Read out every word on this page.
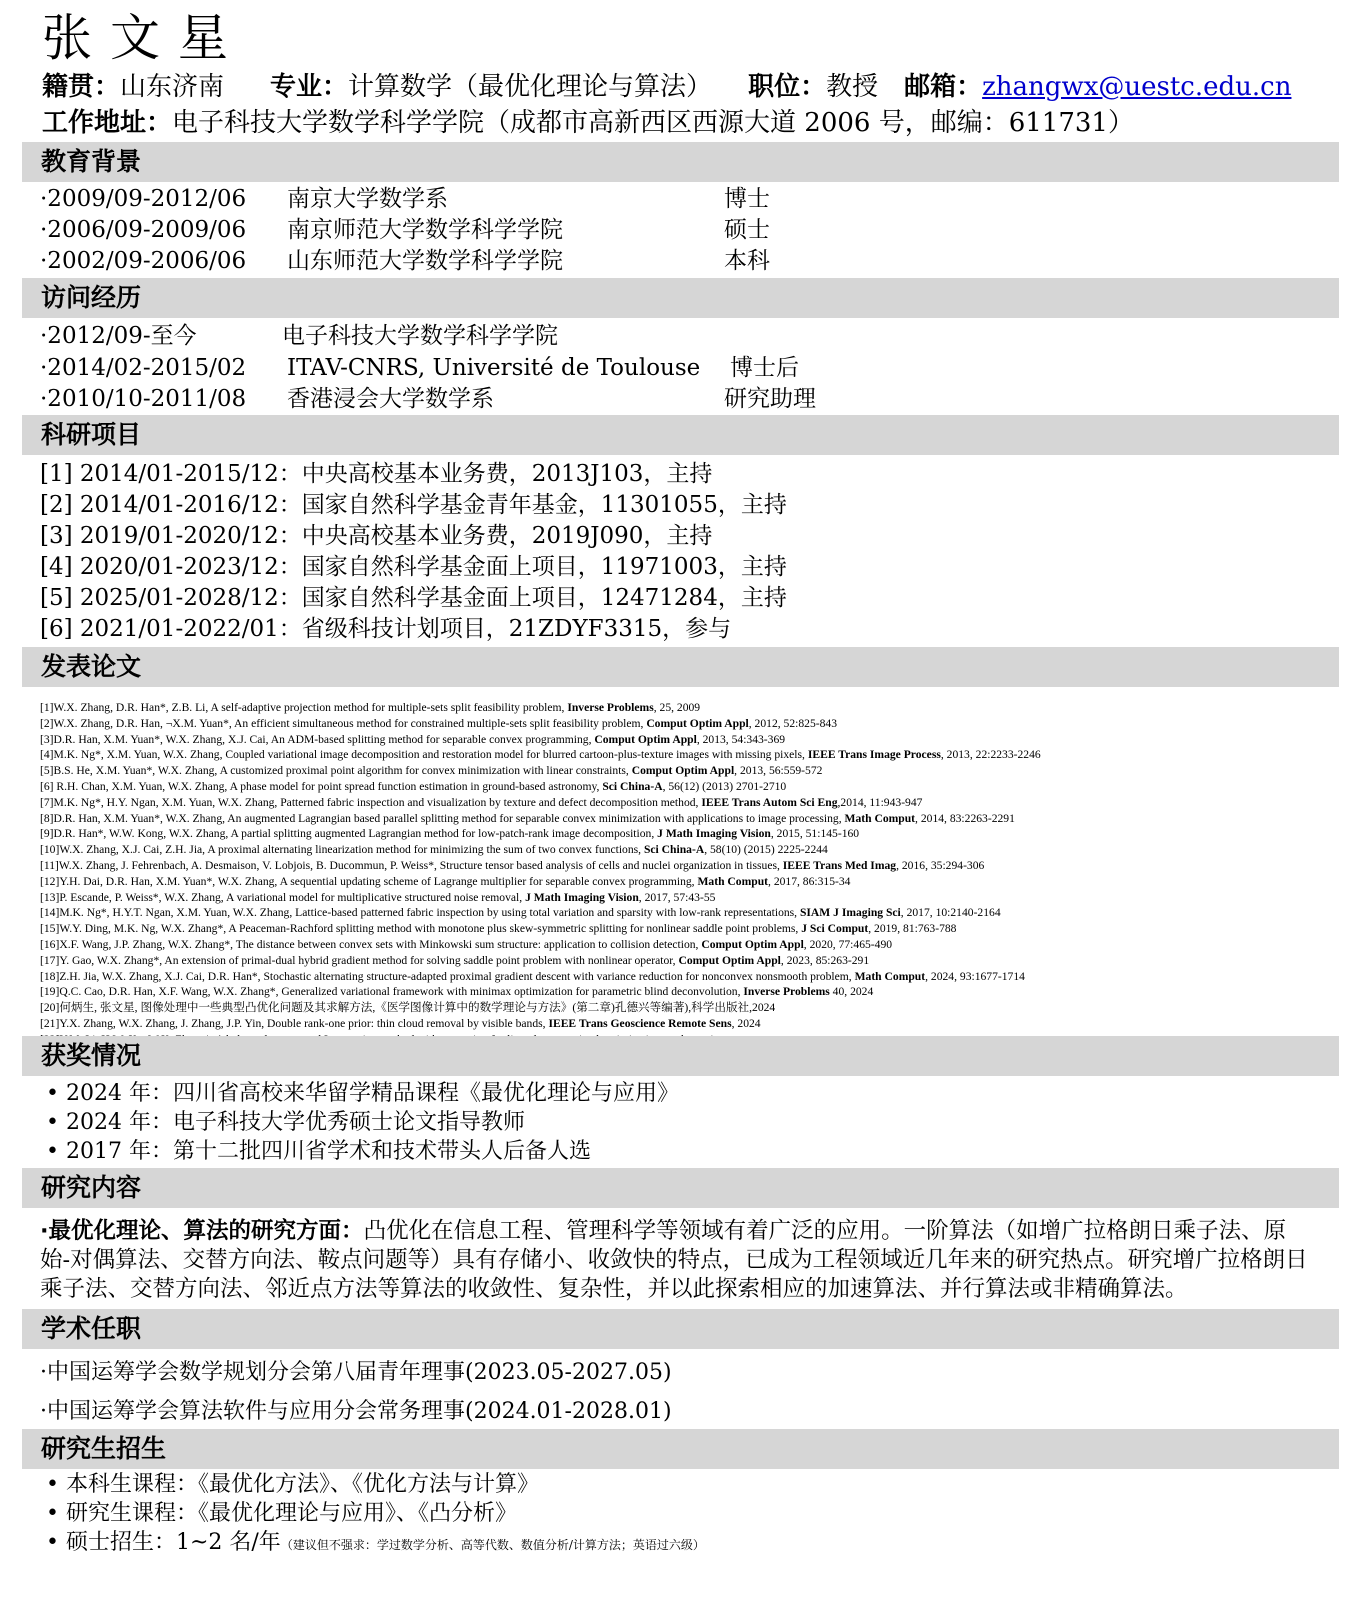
张文星
籍贯：山东济南 专业：计算数学（最优化理论与算法） 职位：教授 邮箱：zhangwx@uestc.edu.cn
工作地址：电子科技大学数学科学学院（成都市高新西区西源大道 2006 号，邮编：611731）
教育背景
·2009/09-2012/06 南京大学数学系	博士
·2006/09-2009/06 南京师范大学数学科学学院	硕士
·2002/09-2006/06 山东师范大学数学科学学院	本科
访问经历
·2012/09-至今	电子科技大学数学科学学院
·2014/02-2015/02 ITAV-CNRS, Université de Toulouse 博士后
·2010/10-2011/08 香港浸会大学数学系	研究助理
科研项目
[1] 2014/01-2015/12：中央高校基本业务费，2013J103，主持
[2] 2014/01-2016/12：国家自然科学基金青年基金，11301055，主持
[3] 2019/01-2020/12：中央高校基本业务费，2019J090，主持
[4] 2020/01-2023/12：国家自然科学基金面上项目，11971003，主持
[5] 2025/01-2028/12：国家自然科学基金面上项目，12471284，主持
[6] 2021/01-2022/01：省级科技计划项目，21ZDYF3315，参与
发表论文
[1]W.X. Zhang, D.R. Han*, Z.B. Li, A self-adaptive projection method for multiple-sets split feasibility problem, Inverse Problems, 25, 2009
[2]W.X. Zhang, D.R. Han, ¬X.M. Yuan*, An efficient simultaneous method for constrained multiple-sets split feasibility problem, Comput Optim Appl, 2012, 52:825-843
[3]D.R. Han, X.M. Yuan*, W.X. Zhang, X.J. Cai, An ADM-based splitting method for separable convex programming, Comput Optim Appl, 2013, 54:343-369
[4]M.K. Ng*, X.M. Yuan, W.X. Zhang, Coupled variational image decomposition and restoration model for blurred cartoon-plus-texture images with missing pixels, IEEE Trans Image Process, 2013, 22:2233-2246
[5]B.S. He, X.M. Yuan*, W.X. Zhang, A customized proximal point algorithm for convex minimization with linear constraints, Comput Optim Appl, 2013, 56:559-572
[6] R.H. Chan, X.M. Yuan, W.X. Zhang, A phase model for point spread function estimation in ground-based astronomy, Sci China-A, 56(12) (2013) 2701-2710
[7]M.K. Ng*, H.Y. Ngan, X.M. Yuan, W.X. Zhang, Patterned fabric inspection and visualization by texture and defect decomposition method, IEEE Trans Autom Sci Eng,2014, 11:943-947
[8]D.R. Han, X.M. Yuan*, W.X. Zhang, An augmented Lagrangian based parallel splitting method for separable convex minimization with applications to image processing, Math Comput, 2014, 83:2263-2291
[9]D.R. Han*, W.W. Kong, W.X. Zhang, A partial splitting augmented Lagrangian method for low-patch-rank image decomposition, J Math Imaging Vision, 2015, 51:145-160
[10]W.X. Zhang, X.J. Cai, Z.H. Jia, A proximal alternating linearization method for minimizing the sum of two convex functions, Sci China-A, 58(10) (2015) 2225-2244
[11]W.X. Zhang, J. Fehrenbach, A. Desmaison, V. Lobjois, B. Ducommun, P. Weiss*, Structure tensor based analysis of cells and nuclei organization in tissues, IEEE Trans Med Imag, 2016, 35:294-306
[12]Y.H. Dai, D.R. Han, X.M. Yuan*, W.X. Zhang, A sequential updating scheme of Lagrange multiplier for separable convex programming, Math Comput, 2017, 86:315-34
[13]P. Escande, P. Weiss*, W.X. Zhang, A variational model for multiplicative structured noise removal, J Math Imaging Vision, 2017, 57:43-55
[14]M.K. Ng*, H.Y.T. Ngan, X.M. Yuan, W.X. Zhang, Lattice-based patterned fabric inspection by using total variation and sparsity with low-rank representations, SIAM J Imaging Sci, 2017, 10:2140-2164
[15]W.Y. Ding, M.K. Ng, W.X. Zhang*, A Peaceman-Rachford splitting method with monotone plus skew-symmetric splitting for nonlinear saddle point problems, J Sci Comput, 2019, 81:763-788
[16]X.F. Wang, J.P. Zhang, W.X. Zhang*, The distance between convex sets with Minkowski sum structure: application to collision detection, Comput Optim Appl, 2020, 77:465-490
[17]Y. Gao, W.X. Zhang*, An extension of primal-dual hybrid gradient method for solving saddle point problem with nonlinear operator, Comput Optim Appl, 2023, 85:263-291
[18]Z.H. Jia, W.X. Zhang, X.J. Cai, D.R. Han*, Stochastic alternating structure-adapted proximal gradient descent with variance reduction for nonconvex nonsmooth problem, Math Comput, 2024, 93:1677-1714
[19]Q.C. Cao, D.R. Han, X.F. Wang, W.X. Zhang*, Generalized variational framework with minimax optimization for parametric blind deconvolution, Inverse Problems 40, 2024
[20]何炳生, 张文星, 图像处理中一些典型凸优化问题及其求解方法,《医学图像计算中的数学理论与方法》(第二章)孔德兴等编著),科学出版社,2024
[21]Y.X. Zhang, W.X. Zhang, J. Zhang, J.P. Yin, Double rank-one prior: thin cloud removal by visible bands, IEEE Trans Geoscience Remote Sens, 2024
获奖情况
• 2024 年：四川省高校来华留学精品课程《最优化理论与应用》
• 2024 年：电子科技大学优秀硕士论文指导教师
• 2017 年：第十二批四川省学术和技术带头人后备人选
研究内容
·最优化理论、算法的研究方面：凸优化在信息工程、管理科学等领域有着广泛的应用。一阶算法（如增广拉格朗日乘子法、原始-对偶算法、交替方向法、鞍点问题等）具有存储小、收敛快的特点，已成为工程领域近几年来的研究热点。研究增广拉格朗日乘子法、交替方向法、邻近点方法等算法的收敛性、复杂性，并以此探索相应的加速算法、并行算法或非精确算法。
学术任职
·中国运筹学会数学规划分会第八届青年理事(2023.05-2027.05)
·中国运筹学会算法软件与应用分会常务理事(2024.01-2028.01)
研究生招生
• 本科生课程：《最优化方法》、《优化方法与计算》
• 研究生课程：《最优化理论与应用》、《凸分析》
• 硕士招生：1~2 名/年（建议但不强求：学过数学分析、高等代数、数值分析/计算方法；英语过六级）
